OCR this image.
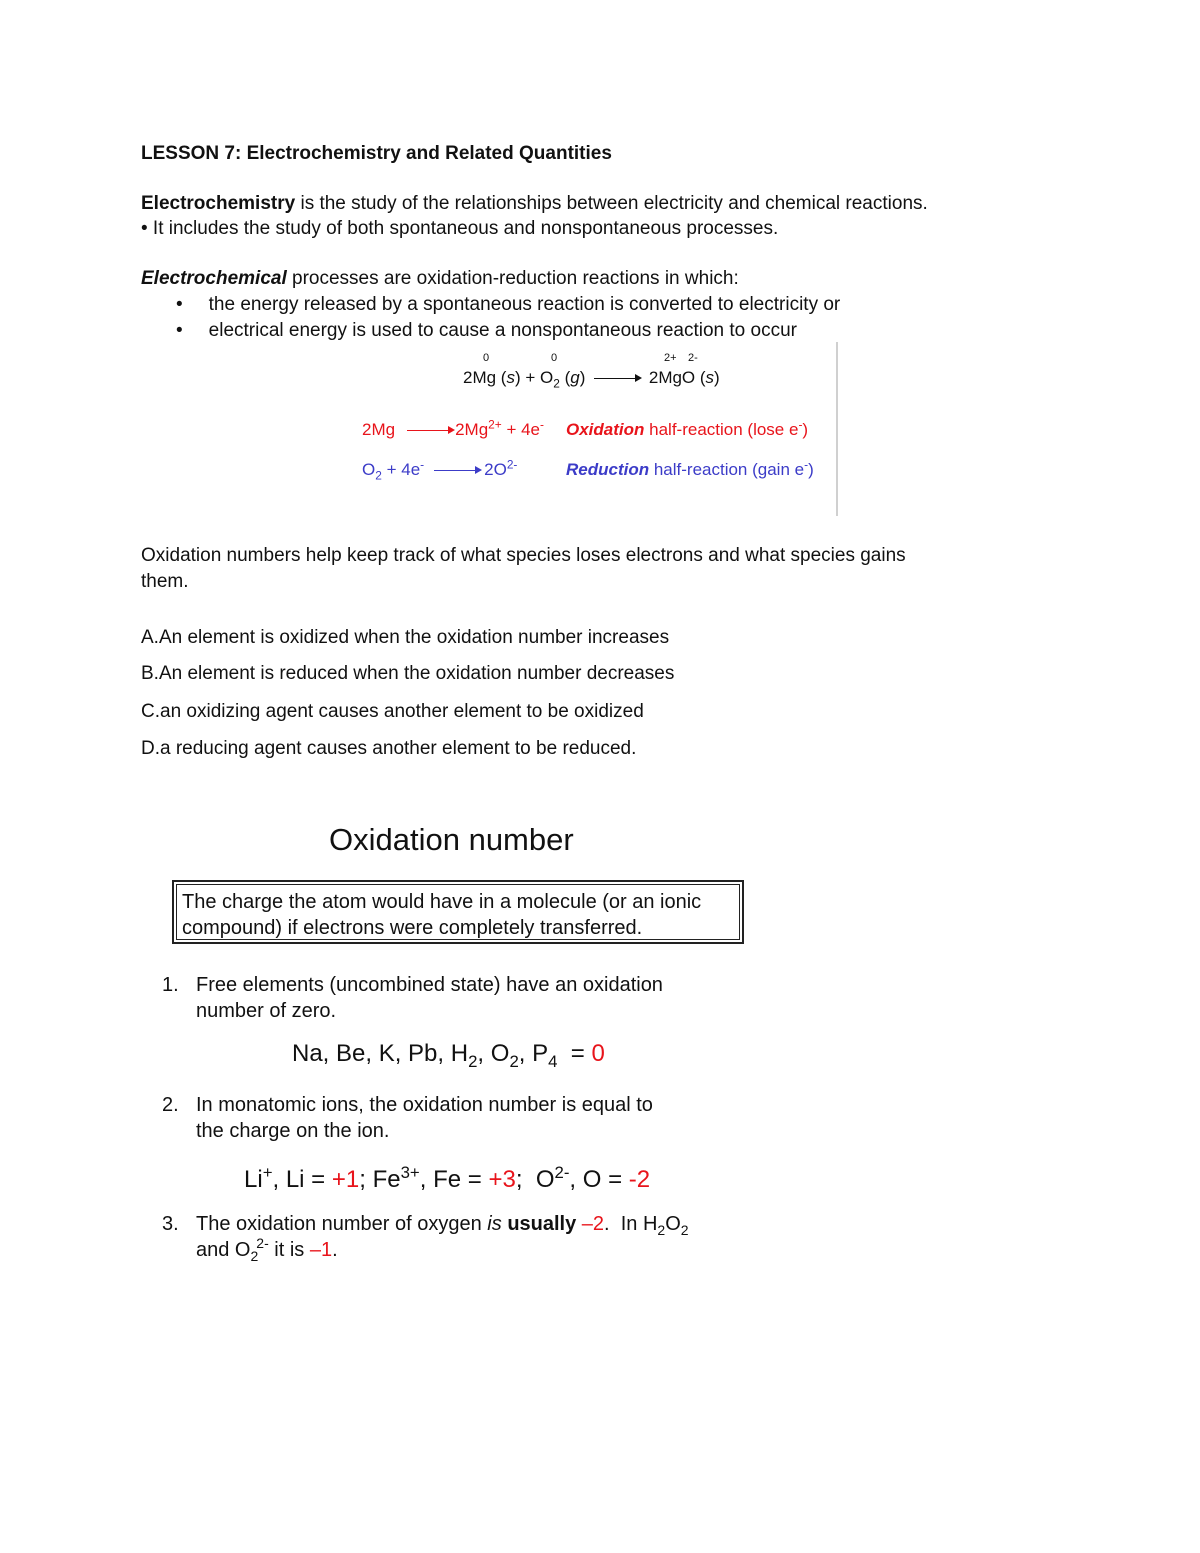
LESSON 7: Electrochemistry and Related Quantities
Electrochemistry is the study of the relationships between electricity and chemical reactions.
• It includes the study of both spontaneous and nonspontaneous processes.
Electrochemical processes are oxidation-reduction reactions in which:
• the energy released by a spontaneous reaction is converted to electricity or
• electrical energy is used to cause a nonspontaneous reaction to occur
0	0	2+ 2-
2Mg $(s) + O_2$ (g) → 2MgO (s)
2Mg	$2Mg^{2+} + 4e^-$ Oxidation half-reaction (lose e-)
$O_2 + 4e^-$	$2O^{2-}$	Reduction half-reaction (gain e-)
Oxidation numbers help keep track of what species loses electrons and what species gains
them.
A.An element is oxidized when the oxidation number increases
B.An element is reduced when the oxidation number decreases
C.an oxidizing agent causes another element to be oxidized
D.a reducing agent causes another element to be reduced.
Oxidation number
The charge the atom would have in a molecule (or an ionic compound) if electrons were completely transferred.
1. Free elements (uncombined state) have an oxidation
number of zero.
Na, Be, K, Pb, $H_2$, $O_2$, $P_4 = 0$
2. In monatomic ions, the oxidation number is equal to
the charge on the ion.
Li+, Li = +1; $Fe^{3+}$, Fe = +3;  $O^{2-}$, O = -2
3. The oxidation number of oxygen is usually –2.  In $H_2O_2$
and $O_2^{2-}$ it is –1.
